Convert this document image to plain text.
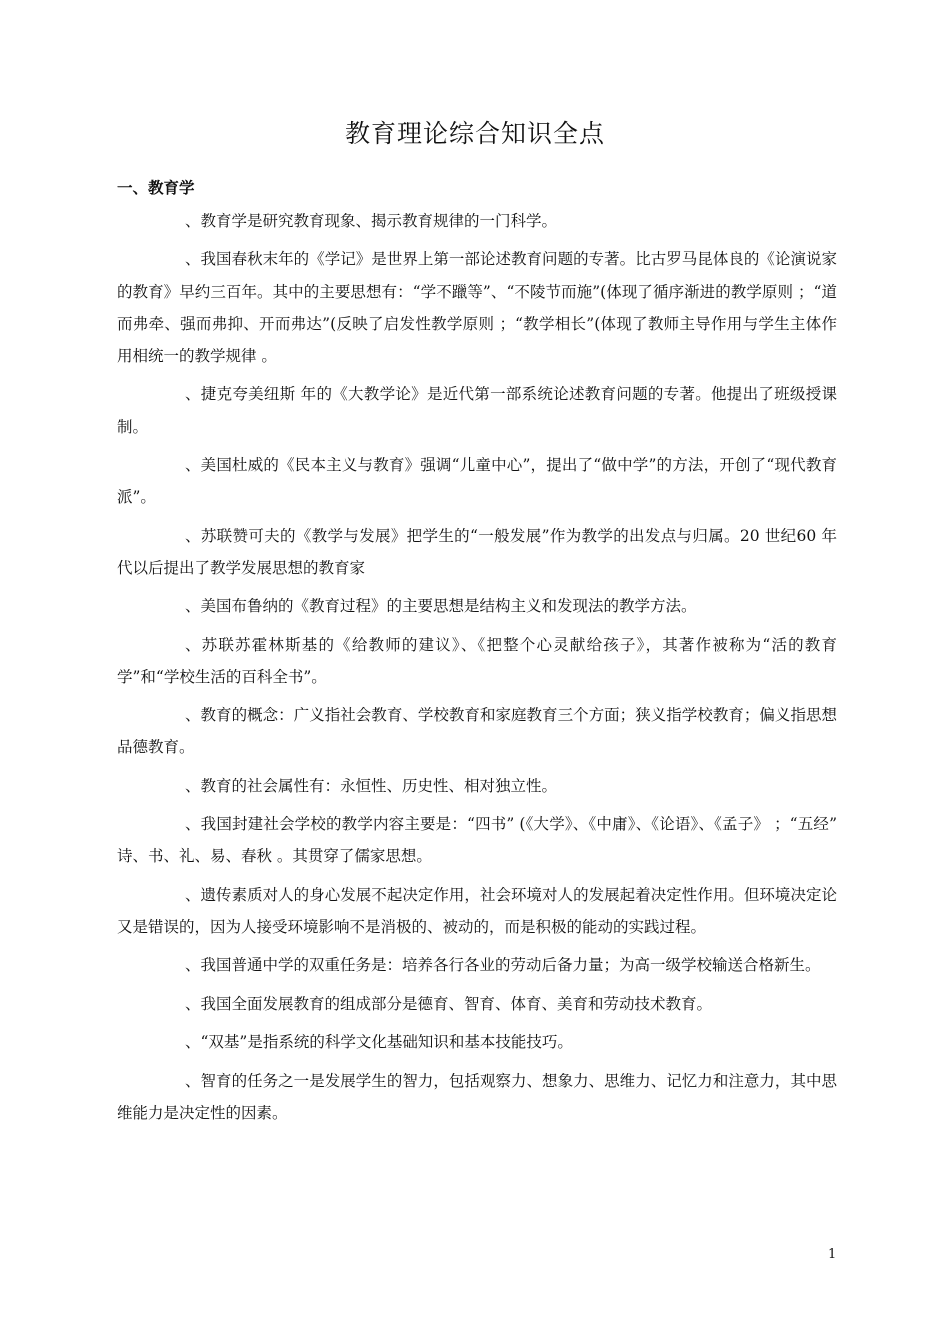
教育理论综合知识全点
一、教育学

、教育学是研究教育现象、揭示教育规律的一门科学。

、我国春秋末年的《学记》是世界上第一部论述教育问题的专著。比古罗马昆体良的《论演说家的教育》早约三百年。其中的主要思想有：“学不躐等”、“不陵节而施”(体现了循序渐进的教学原则 ；“道而弗牵、强而弗抑、开而弗达”(反映了启发性教学原则 ；“教学相长”(体现了教师主导作用与学生主体作用相统一的教学规律 。

、捷克夸美纽斯 年的《大教学论》是近代第一部系统论述教育问题的专著。他提出了班级授课制。

、美国杜威的《民本主义与教育》强调“儿童中心”，提出了“做中学”的方法，开创了“现代教育派”。

、苏联赞可夫的《教学与发展》把学生的“一般发展”作为教学的出发点与归属。20 世纪60 年代以后提出了教学发展思想的教育家

、美国布鲁纳的《教育过程》的主要思想是结构主义和发现法的教学方法。

、苏联苏霍林斯基的《给教师的建议》、《把整个心灵献给孩子》，其著作被称为“活的教育学”和“学校生活的百科全书”。

、教育的概念：广义指社会教育、学校教育和家庭教育三个方面；狭义指学校教育；偏义指思想品德教育。

、教育的社会属性有：永恒性、历史性、相对独立性。

、我国封建社会学校的教学内容主要是：“四书” (《大学》、《中庸》、《论语》、《孟子》 ；“五经” 诗、书、礼、易、春秋 。其贯穿了儒家思想。

、遗传素质对人的身心发展不起决定作用，社会环境对人的发展起着决定性作用。但环境决定论又是错误的，因为人接受环境影响不是消极的、被动的，而是积极的能动的实践过程。

、我国普通中学的双重任务是：培养各行各业的劳动后备力量；为高一级学校输送合格新生。

、我国全面发展教育的组成部分是德育、智育、体育、美育和劳动技术教育。

、“双基”是指系统的科学文化基础知识和基本技能技巧。

、智育的任务之一是发展学生的智力，包括观察力、想象力、思维力、记忆力和注意力，其中思维能力是决定性的因素。

1
